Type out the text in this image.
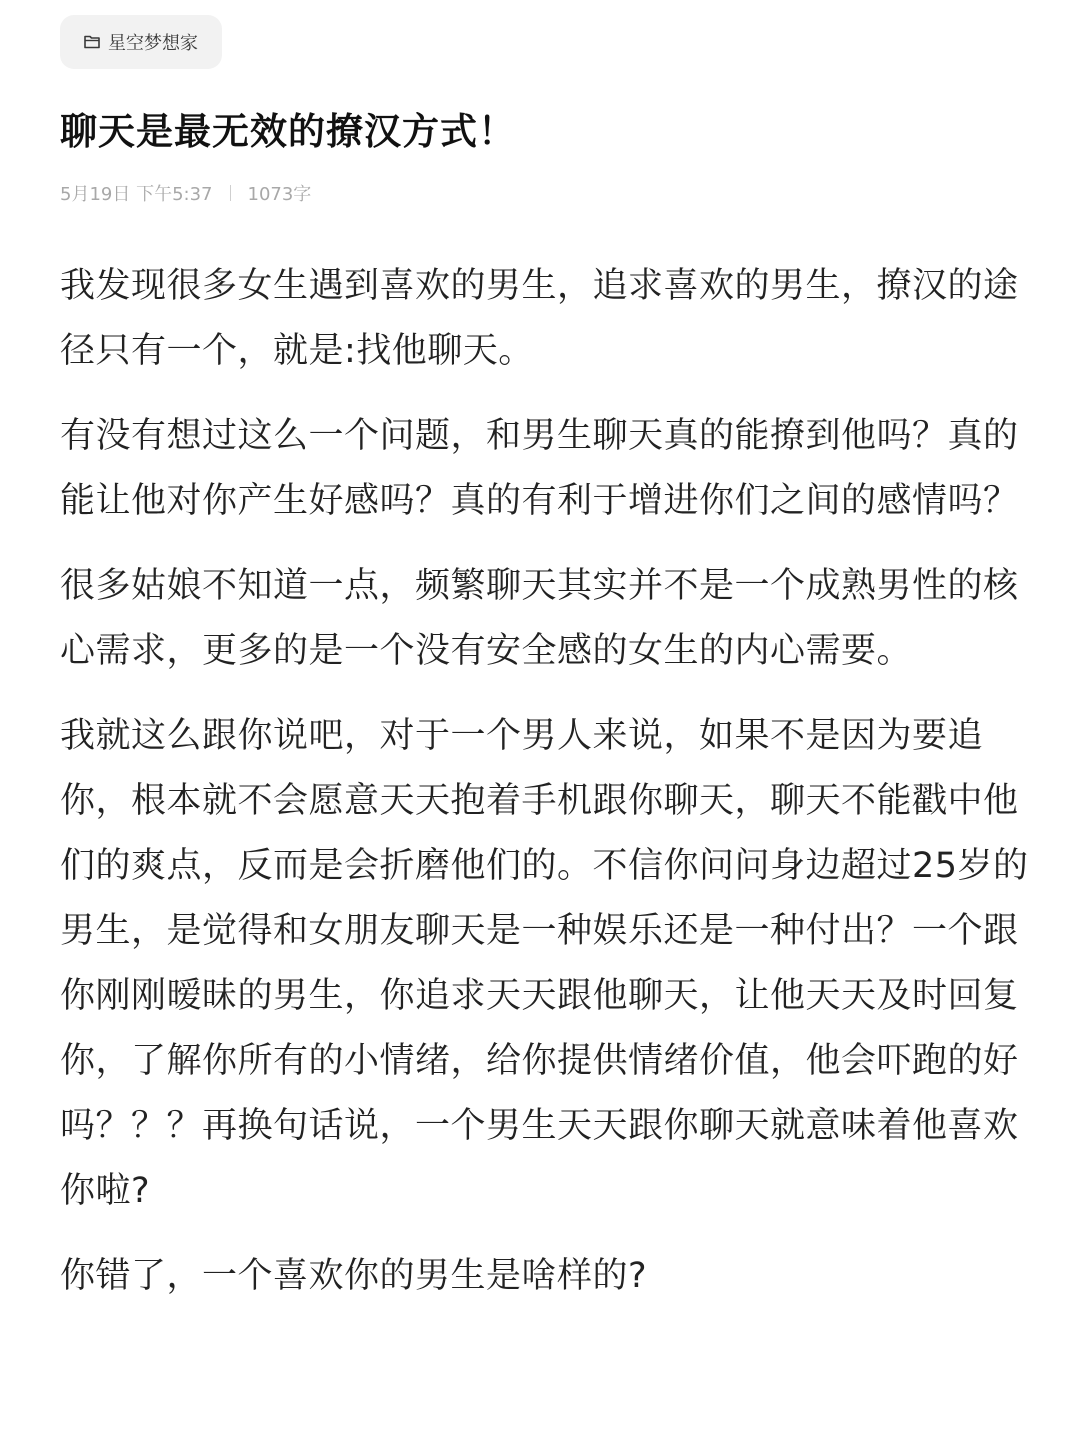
星空梦想家
聊天是最无效的撩汉方式！
5月19日 下午5:37 1073字

我发现很多女生遇到喜欢的男生，追求喜欢的男生，撩汉的途径只有一个，就是:找他聊天。

有没有想过这么一个问题，和男生聊天真的能撩到他吗？真的能让他对你产生好感吗？真的有利于增进你们之间的感情吗？

很多姑娘不知道一点，频繁聊天其实并不是一个成熟男性的核心需求，更多的是一个没有安全感的女生的内心需要。

我就这么跟你说吧，对于一个男人来说，如果不是因为要追你，根本就不会愿意天天抱着手机跟你聊天，聊天不能戳中他们的爽点，反而是会折磨他们的。不信你问问身边超过25岁的男生，是觉得和女朋友聊天是一种娱乐还是一种付出？一个跟你刚刚暧昧的男生，你追求天天跟他聊天，让他天天及时回复你，了解你所有的小情绪，给你提供情绪价值，他会吓跑的好吗？？？再换句话说，一个男生天天跟你聊天就意味着他喜欢你啦?

你错了，一个喜欢你的男生是啥样的?
